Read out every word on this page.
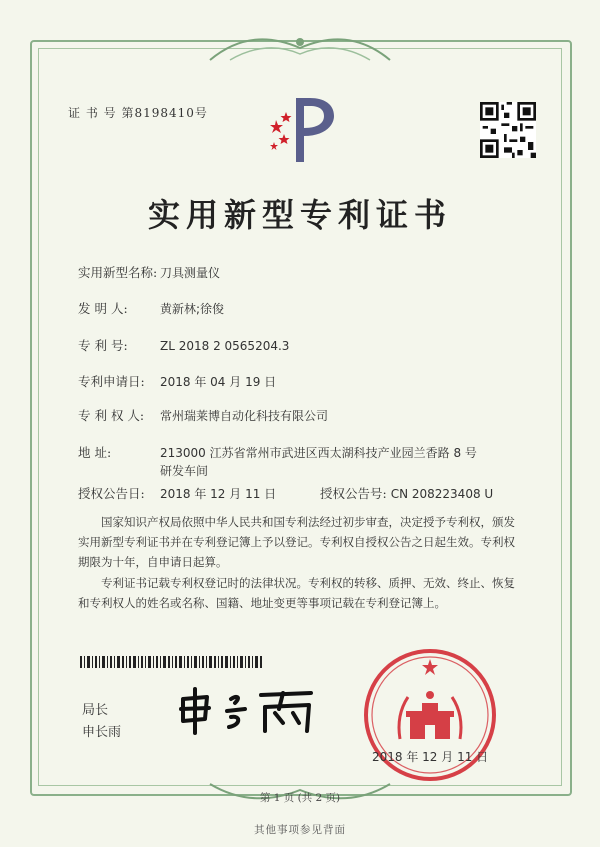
证 书 号 第8198410号
实用新型专利证书
实用新型名称: 刀具测量仪
发 明 人:	黄新林;徐俊
专 利 号:	ZL 2018 2 0565204.3
专利申请日: 2018 年 04 月 19 日
专 利 权 人: 常州瑞莱博自动化科技有限公司
地 址:	213000 江苏省常州市武进区西太湖科技产业园兰香路 8 号
研发车间
授权公告日: 2018 年 12 月 11 日	授权公告号: CN 208223408 U
国家知识产权局依照中华人民共和国专利法经过初步审查，决定授予专利权，颁发实用新型专利证书并在专利登记簿上予以登记。专利权自授权公告之日起生效。专利权期限为十年，自申请日起算。
专利证书记载专利权登记时的法律状况。专利权的转移、质押、无效、终止、恢复和专利权人的姓名或名称、国籍、地址变更等事项记载在专利登记簿上。
局长
申长雨
2018 年 12 月 11 日
第 1 页 (共 2 页)
其他事项参见背面
